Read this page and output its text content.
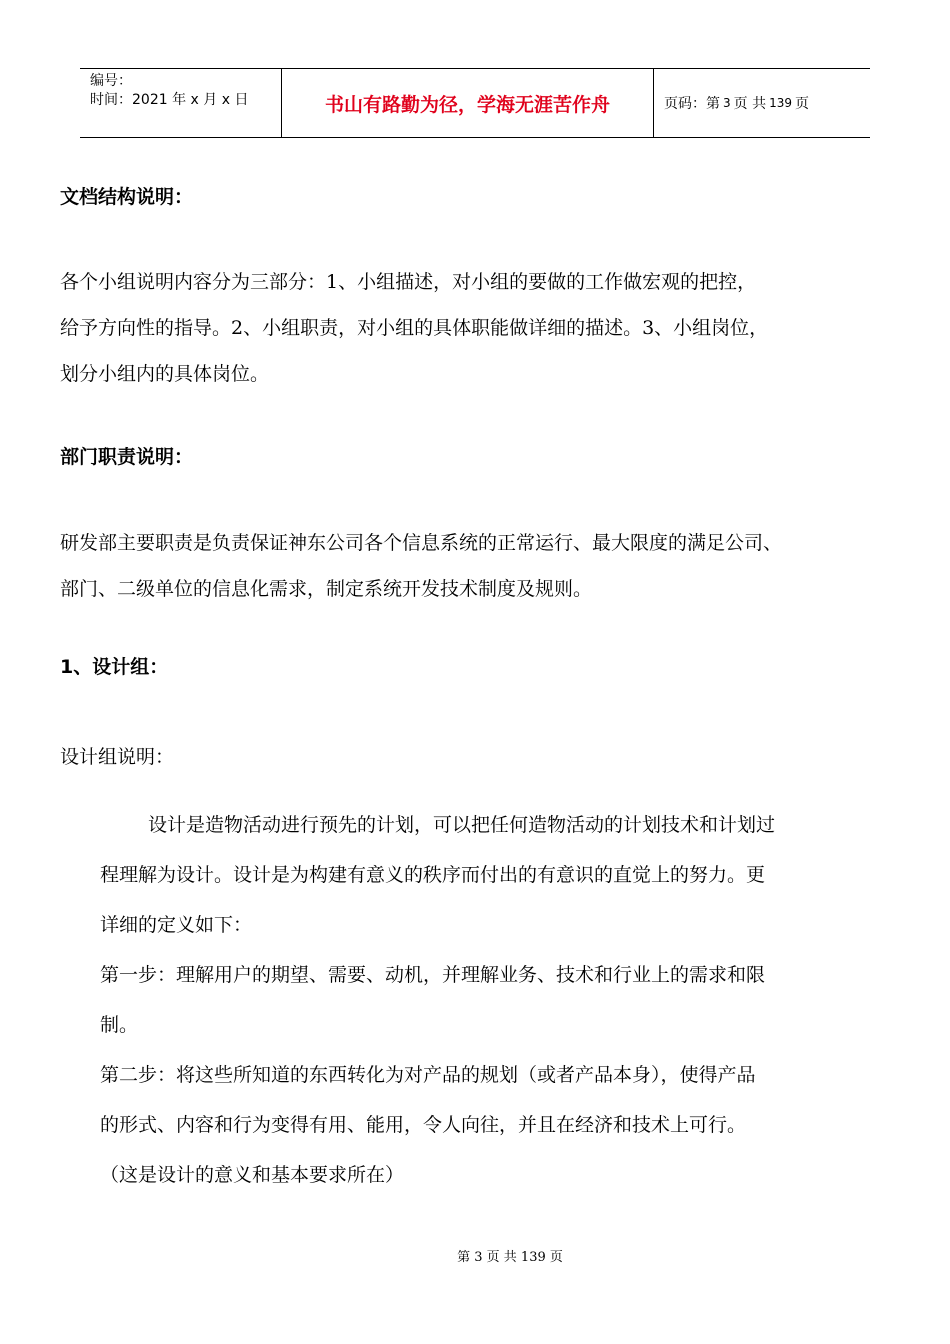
编号：
时间：2021 年 x 月 x 日	书山有路勤为径，学海无涯苦作舟	页码：第 3 页 共 139 页
文档结构说明：

各个小组说明内容分为三部分：1、小组描述，对小组的要做的工作做宏观的把控，

给予方向性的指导。2、小组职责，对小组的具体职能做详细的描述。3、小组岗位，

划分小组内的具体岗位。

部门职责说明：

研发部主要职责是负责保证神东公司各个信息系统的正常运行、最大限度的满足公司、

部门、二级单位的信息化需求，制定系统开发技术制度及规则。

1、设计组：
设计组说明：

设计是造物活动进行预先的计划，可以把任何造物活动的计划技术和计划过

程理解为设计。设计是为构建有意义的秩序而付出的有意识的直觉上的努力。更

详细的定义如下：

第一步：理解用户的期望、需要、动机，并理解业务、技术和行业上的需求和限

制。

第二步：将这些所知道的东西转化为对产品的规划（或者产品本身），使得产品

的形式、内容和行为变得有用、能用，令人向往，并且在经济和技术上可行。

（这是设计的意义和基本要求所在）

第 3 页 共 139 页
